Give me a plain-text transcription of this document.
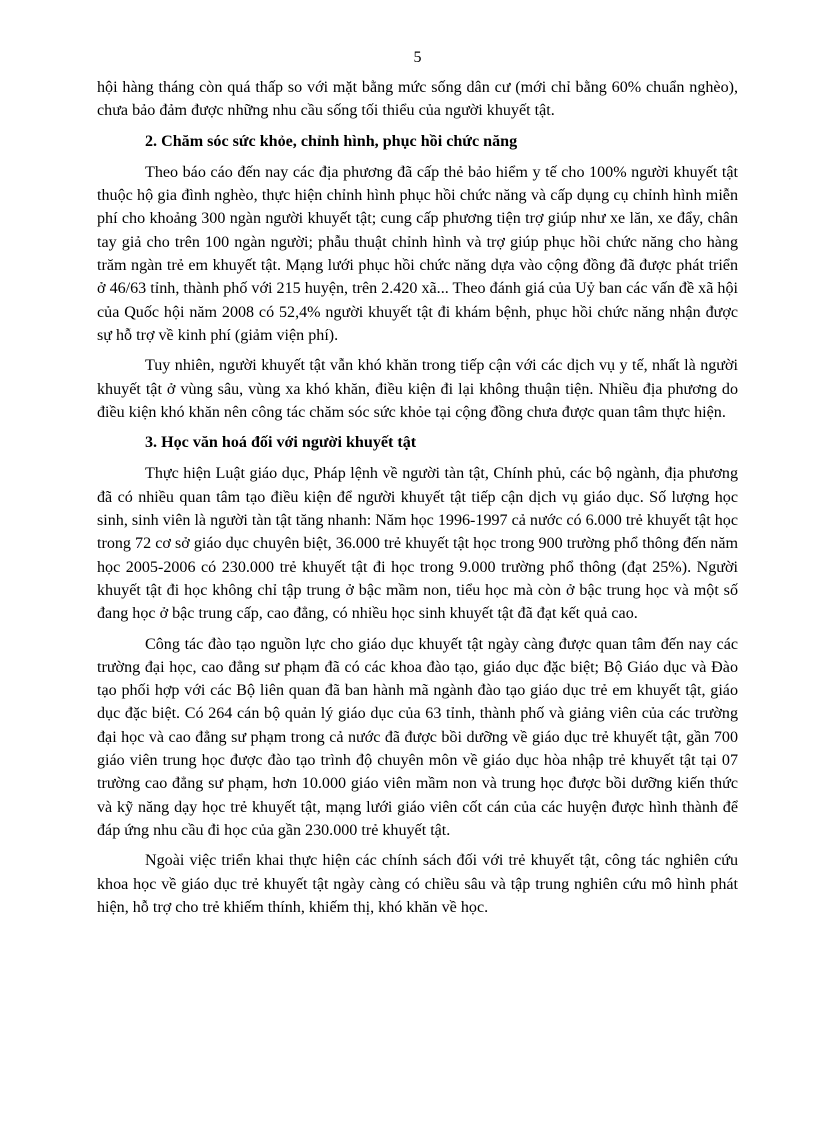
5

hội hàng tháng còn quá thấp so với mặt bằng mức sống dân cư (mới chỉ bằng 60% chuẩn nghèo), chưa bảo đảm được những nhu cầu sống tối thiểu của người khuyết tật.

2. Chăm sóc sức khỏe, chỉnh hình, phục hồi chức năng

Theo báo cáo đến nay các địa phương đã cấp thẻ bảo hiểm y tế cho 100% người khuyết tật thuộc hộ gia đình nghèo, thực hiện chỉnh hình phục hồi chức năng và cấp dụng cụ chỉnh hình miễn phí cho khoảng 300 ngàn người khuyết tật; cung cấp phương tiện trợ giúp như xe lăn, xe đẩy, chân tay giả cho trên 100 ngàn người; phẫu thuật chỉnh hình và trợ giúp phục hồi chức năng cho hàng trăm ngàn trẻ em khuyết tật. Mạng lưới phục hồi chức năng dựa vào cộng đồng đã được phát triển ở 46/63 tỉnh, thành phố với 215 huyện, trên 2.420 xã... Theo đánh giá của Uỷ ban các vấn đề xã hội của Quốc hội năm 2008 có 52,4% người khuyết tật đi khám bệnh, phục hồi chức năng nhận được sự hỗ trợ về kinh phí (giảm viện phí).

Tuy nhiên, người khuyết tật vẫn khó khăn trong tiếp cận với các dịch vụ y tế, nhất là người khuyết tật ở vùng sâu, vùng xa khó khăn, điều kiện đi lại không thuận tiện. Nhiều địa phương do điều kiện khó khăn nên công tác chăm sóc sức khỏe tại cộng đồng chưa được quan tâm thực hiện.

3. Học văn hoá đối với người khuyết tật

Thực hiện Luật giáo dục, Pháp lệnh về người tàn tật, Chính phủ, các bộ ngành, địa phương đã có nhiều quan tâm tạo điều kiện để người khuyết tật tiếp cận dịch vụ giáo dục. Số lượng học sinh, sinh viên là người tàn tật tăng nhanh: Năm học 1996-1997 cả nước có 6.000 trẻ khuyết tật học trong 72 cơ sở giáo dục chuyên biệt, 36.000 trẻ khuyết tật học trong 900 trường phổ thông đến năm học 2005-2006 có 230.000 trẻ khuyết tật đi học trong 9.000 trường phổ thông (đạt 25%). Người khuyết tật đi học không chỉ tập trung ở bậc mầm non, tiểu học mà còn ở bậc trung học và một số đang học ở bậc trung cấp, cao đẳng, có nhiều học sinh khuyết tật đã đạt kết quả cao.

Công tác đào tạo nguồn lực cho giáo dục khuyết tật ngày càng được quan tâm đến nay các trường đại học, cao đẳng sư phạm đã có các khoa đào tạo, giáo dục đặc biệt; Bộ Giáo dục và Đào tạo phối hợp với các Bộ liên quan đã ban hành mã ngành đào tạo giáo dục trẻ em khuyết tật, giáo dục đặc biệt. Có 264 cán bộ quản lý giáo dục của 63 tỉnh, thành phố và giảng viên của các trường đại học và cao đẳng sư phạm trong cả nước đã được bồi dưỡng về giáo dục trẻ khuyết tật, gần 700 giáo viên trung học được đào tạo trình độ chuyên môn về giáo dục hòa nhập trẻ khuyết tật tại 07 trường cao đẳng sư phạm, hơn 10.000 giáo viên mầm non và trung học được bồi dưỡng kiến thức và kỹ năng dạy học trẻ khuyết tật, mạng lưới giáo viên cốt cán của các huyện được hình thành để đáp ứng nhu cầu đi học của gần 230.000 trẻ khuyết tật.

Ngoài việc triển khai thực hiện các chính sách đối với trẻ khuyết tật, công tác nghiên cứu khoa học về giáo dục trẻ khuyết tật ngày càng có chiều sâu và tập trung nghiên cứu mô hình phát hiện, hỗ trợ cho trẻ khiếm thính, khiếm thị, khó khăn về học.
